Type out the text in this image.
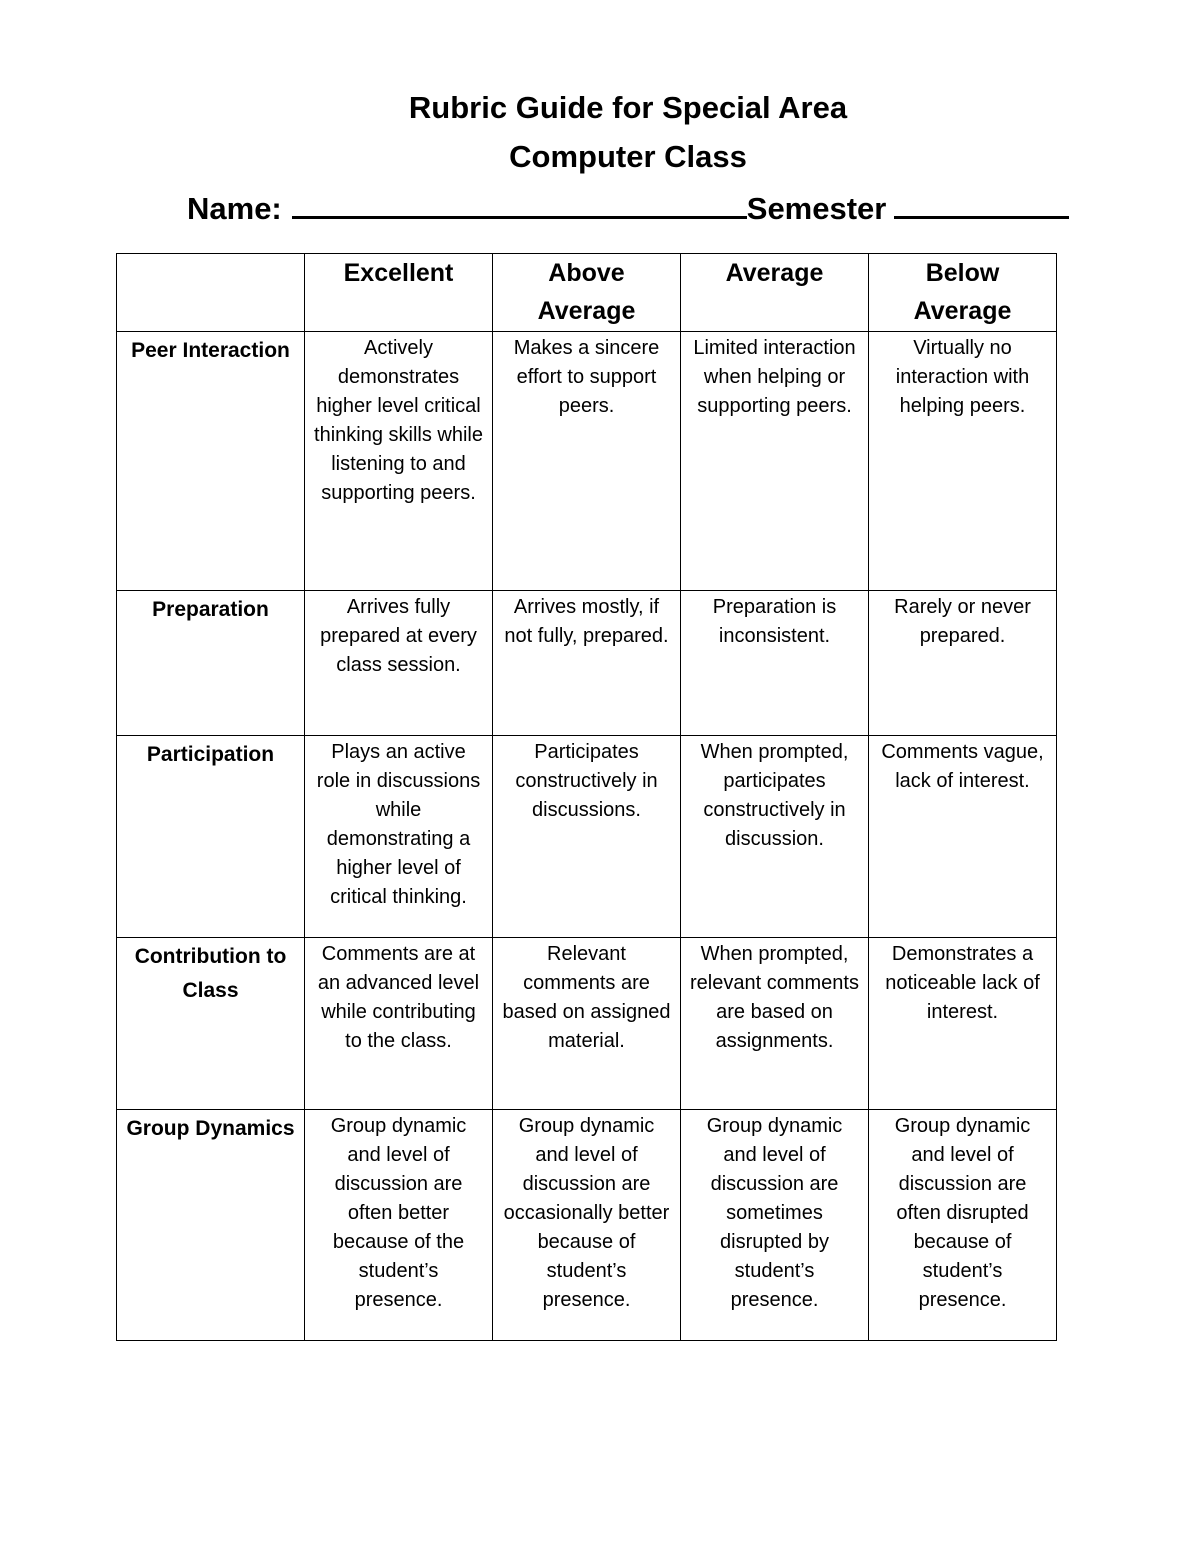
Rubric Guide for Special Area
Computer Class
Name:	Semester
	Excellent	Above Average	Average	Below Average
Peer Interaction	Actively demonstrates higher level critical thinking skills while listening to and supporting peers.	Makes a sincere effort to support peers.	Limited interaction when helping or supporting peers.	Virtually no interaction with helping peers.
Preparation	Arrives fully prepared at every class session.	Arrives mostly, if not fully, prepared.	Preparation is inconsistent.	Rarely or never prepared.
Participation	Plays an active role in discussions while demonstrating a higher level of critical thinking.	Participates constructively in discussions.	When prompted, participates constructively in discussion.	Comments vague, lack of interest.
Contribution to Class	Comments are at an advanced level while contributing to the class.	Relevant comments are based on assigned material.	When prompted, relevant comments are based on assignments.	Demonstrates a noticeable lack of interest.
Group Dynamics	Group dynamic and level of discussion are often better because of the student’s presence.	Group dynamic and level of discussion are occasionally better because of student’s presence.	Group dynamic and level of discussion are sometimes disrupted by student’s presence.	Group dynamic and level of discussion are often disrupted because of student’s presence.
